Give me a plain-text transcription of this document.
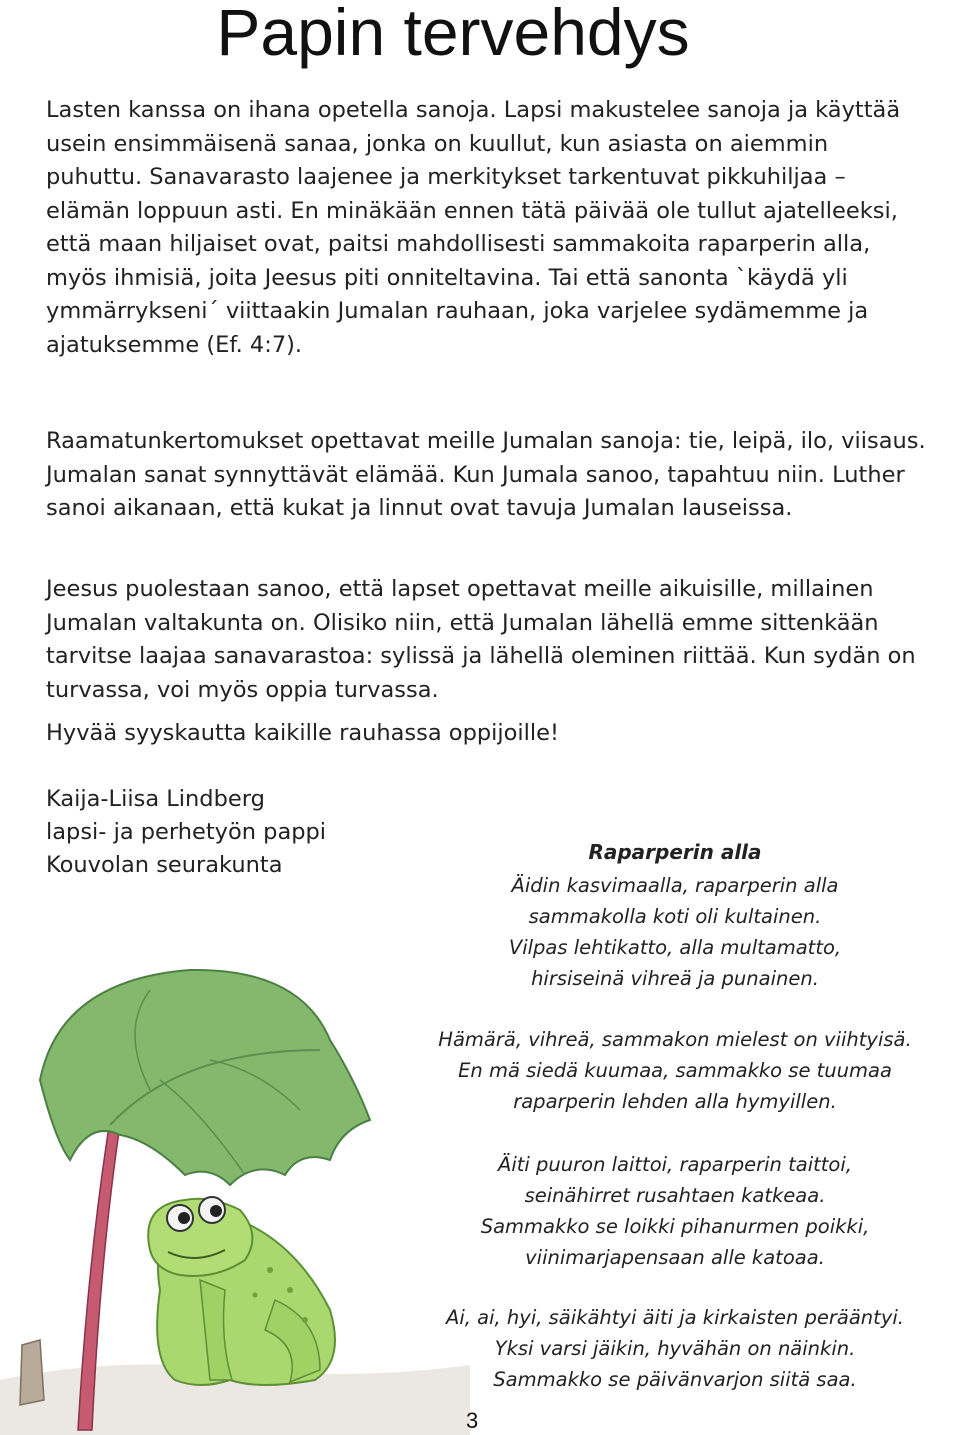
Papin tervehdys

Lasten kanssa on ihana opetella sanoja. Lapsi makustelee sanoja ja käyttää usein ensimmäisenä sanaa, jonka on kuullut, kun asiasta on aiemmin puhuttu. Sanavarasto laajenee ja merkitykset tarkentuvat pikkuhiljaa – elämän loppuun asti. En minäkään ennen tätä päivää ole tullut ajatelleeksi, että maan hiljaiset ovat, paitsi mahdollisesti sammakoita raparperin alla, myös ihmisiä, joita Jeesus piti onniteltavina. Tai että sanonta `käydä yli ymmärrykseni´ viittaakin Jumalan rauhaan, joka varjelee sydämemme ja ajatuksemme (Ef. 4:7).

Raamatunkertomukset opettavat meille Jumalan sanoja: tie, leipä, ilo, viisaus. Jumalan sanat synnyttävät elämää. Kun Jumala sanoo, tapahtuu niin. Luther sanoi aikanaan, että kukat ja linnut ovat tavuja Jumalan lauseissa.

Jeesus puolestaan sanoo, että lapset opettavat meille aikuisille, millainen Jumalan valtakunta on. Olisiko niin, että Jumalan lähellä emme sittenkään tarvitse laajaa sanavarastoa: sylissä ja lähellä oleminen riittää. Kun sydän on turvassa, voi myös oppia turvassa.

Hyvää syyskautta kaikille rauhassa oppijoille!

Kaija-Liisa Lindberg
lapsi- ja perhetyön pappi
Kouvolan seurakunta	Raparperin alla
Äidin kasvimaalla, raparperin alla
sammakolla koti oli kultainen.
Vilpas lehtikatto, alla multamatto,
hirsiseinä vihreä ja punainen.
Hämärä, vihreä, sammakon mielest on viihtyisä.
En mä siedä kuumaa, sammakko se tuumaa
raparperin lehden alla hymyillen.
Äiti puuron laittoi, raparperin taittoi,
seinähirret rusahtaen katkeaa.
Sammakko se loikki pihanurmen poikki,
viinimarjapensaan alle katoaa.
Ai, ai, hyi, säikähtyi äiti ja kirkaisten perääntyi.
Yksi varsi jäikin, hyvähän on näinkin.
Sammakko se päivänvarjon siitä saa.
3
